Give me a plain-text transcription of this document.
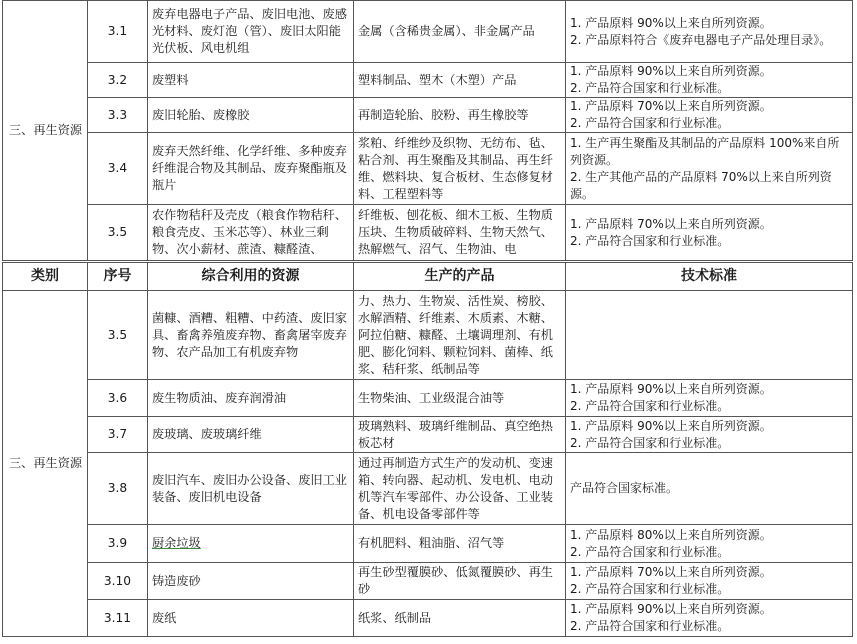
三、再生资源	3.1	废弃电器电子产品、废旧电池、废感光材料、废灯泡（管）、废旧太阳能光伏板、风电机组	金属（含稀贵金属）、非金属产品	1. 产品原料 90%以上来自所列资源。
2. 产品原料符合《废弃电器电子产品处理目录》。

	3.2	废塑料	塑料制品、塑木（木塑）产品	1. 产品原料 90%以上来自所列资源。
2. 产品符合国家和行业标准。

	3.3	废旧轮胎、废橡胶	再制造轮胎、胶粉、再生橡胶等	1. 产品原料 70%以上来自所列资源。
2. 产品符合国家和行业标准。

	3.4	废弃天然纤维、化学纤维、多种废弃纤维混合物及其制品、废弃聚酯瓶及瓶片	浆粕、纤维纱及织物、无纺布、毡、粘合剂、再生聚酯及其制品、再生纤维、燃料块、复合板材、生态修复材料、工程塑料等	1. 生产再生聚酯及其制品的产品原料 100%来自所列资源。
2. 生产其他产品的产品原料 70%以上来自所列资源。

	3.5	农作物秸秆及壳皮（粮食作物秸秆、粮食壳皮、玉米芯等）、林业三剩物、次小薪材、蔗渣、糠醛渣、	纤维板、刨花板、细木工板、生物质压块、生物质破碎料、生物天然气、热解燃气、沼气、生物油、电	1. 产品原料 70%以上来自所列资源。
2. 产品符合国家和行业标准。
类别	序号	综合利用的资源	生产的产品	技术标准
三、再生资源	3.5	菌糠、酒糟、粗糟、中药渣、废旧家具、畜禽养殖废弃物、畜禽屠宰废弃物、农产品加工有机废弃物	力、热力、生物炭、活性炭、榜胶、水解酒精、纤维素、木质素、木糖、阿拉伯糖、糠醛、土壤调理剂、有机肥、膨化饲料、颗粒饲料、菌棒、纸浆、秸秆浆、纸制品等	
	3.6	废生物质油、废弃润滑油	生物柴油、工业级混合油等	1. 产品原料 90%以上来自所列资源。
2. 产品符合国家和行业标准。

	3.7	废玻璃、废玻璃纤维	玻璃熟料、玻璃纤维制品、真空绝热板芯材	1. 产品原料 90%以上来自所列资源。
2. 产品符合国家和行业标准。

	3.8	废旧汽车、废旧办公设备、废旧工业装备、废旧机电设备	通过再制造方式生产的发动机、变速箱、转向器、起动机、发电机、电动机等汽车零部件、办公设备、工业装备、机电设备零部件等	产品符合国家标准。

	3.9	厨余垃圾	有机肥料、粗油脂、沼气等	1. 产品原料 80%以上来自所列资源。
2. 产品符合国家和行业标准。

	3.10	铸造废砂	再生砂型覆膜砂、低氮覆膜砂、再生砂	1. 产品原料 70%以上来自所列资源。
2. 产品符合国家和行业标准。

	3.11	废纸	纸浆、纸制品	1. 产品原料 90%以上来自所列资源。
2. 产品符合国家和行业标准。
